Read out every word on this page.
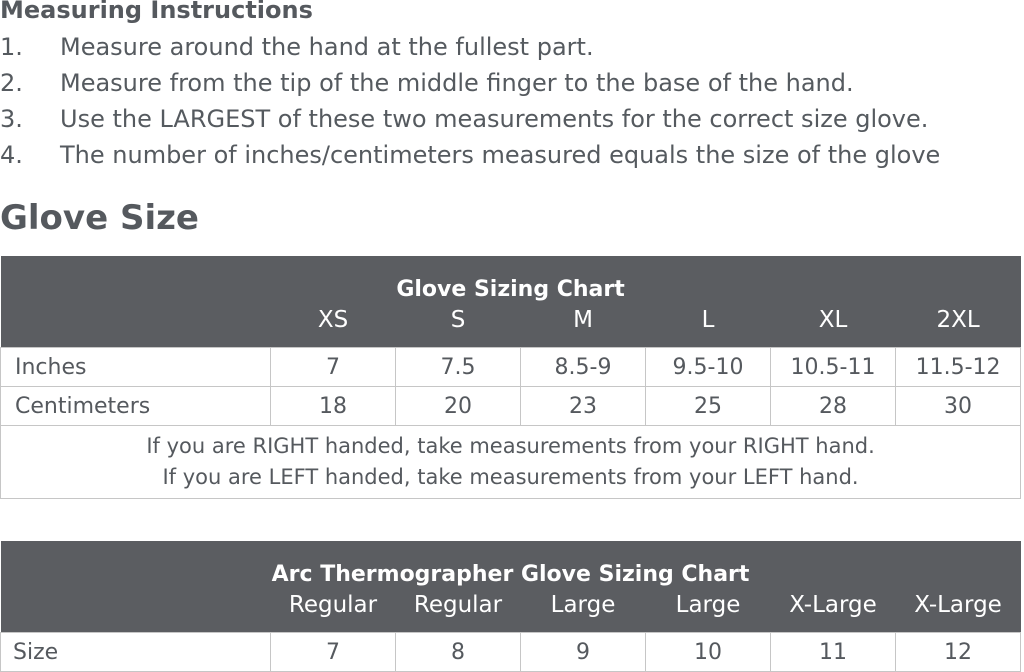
Measuring Instructions
1.	Measure around the hand at the fullest part.
2.	Measure from the tip of the middle finger to the base of the hand.
3.	Use the LARGEST of these two measurements for the correct size glove.
4.	The number of inches/centimeters measured equals the size of the glove
Glove Size
Glove Sizing Chart						
	XS	S	M	L	XL	2XL
Inches	7	7.5	8.5-9	9.5-10	10.5-11	11.5-12
Centimeters	18	20	23	25	28	30

If you are RIGHT handed, take measurements from your RIGHT hand.
If you are LEFT handed, take measurements from your LEFT hand.						
Arc Thermographer Glove Sizing Chart						
	Regular	Regular	Large	Large	X-Large	X-Large
Size	7	8	9	10	11	12
